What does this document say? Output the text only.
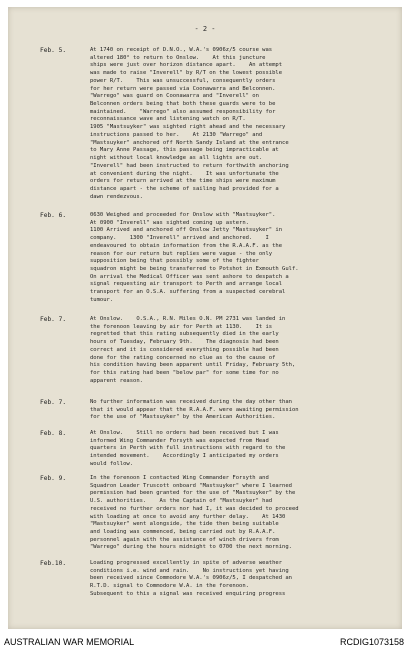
- 2 -
Feb. 5.	At 1740 on receipt of D.N.O., W.A.'s 0906z/5 course was
altered 180° to return to Onslow.    At this juncture
ships were just over horizon distance apart.    An attempt
was made to raise "Inverell" by R/T on the lowest possible
power R/T.    This was unsuccessful, consequently orders
for her return were passed via Coonawarra and Belconnen.
"Warrego" was guard on Coonawarra and "Inverell" on
Belconnen orders being that both these guards were to be
maintained.    "Warrego" also assumed responsibility for
reconnaissance wave and listening watch on R/T.
1905 "Mastsuyker" was sighted right ahead and the necessary
instructions passed to her.    At 2130 "Warrego" and
"Mastsuyker" anchored off North Sandy Island at the entrance
to Mary Anne Passage, this passage being impracticable at
night without local knowledge as all lights are out.
"Inverell" had been instructed to return forthwith anchoring
at convenient during the night.    It was unfortunate the
orders for return arrived at the time ships were maximum
distance apart - the scheme of sailing had provided for a
dawn rendezvous.
Feb. 6.	0630 Weighed and proceeded for Onslow with "Mastsuyker".
At 0900 "Inverell" was sighted coming up astern.
1100 Arrived and anchored off Onslow Jetty "Mastsuyker" in
company.    1300 "Inverell" arrived and anchored.    I
endeavoured to obtain information from the R.A.A.F. as the
reason for our return but replies were vague - the only
supposition being that possibly some of the fighter
squadron might be being transferred to Potshot in Exmouth Gulf.
On arrival the Medical Officer was sent ashore to despatch a
signal requesting air transport to Perth and arrange local
transport for an O.S.A. suffering from a suspected cerebral
tumour.
Feb. 7.	At Onslow.    O.S.A., R.N. Miles O.N. PM 2731 was landed in
the forenoon leaving by air for Perth at 1130.    It is
regretted that this rating subsequently died in the early
hours of Tuesday, February 9th.    The diagnosis had been
correct and it is considered everything possible had been
done for the rating concerned no clue as to the cause of
his condition having been apparent until Friday, February 5th,
for this rating had been "below par" for some time for no
apparent reason.
Feb. 7.	No further information was received during the day other than
that it would appear that the R.A.A.F. were awaiting permission
for the use of "Mastsuyker" by the American Authorities.
Feb. 8.	At Onslow.    Still no orders had been received but I was
informed Wing Commander Forsyth was expected from Head
quarters in Perth with full instructions with regard to the
intended movement.    Accordingly I anticipated my orders
would follow.
Feb. 9.	In the forenoon I contacted Wing Commander Forsyth and
Squadron Leader Truscott onboard "Mastsuyker" where I learned
permission had been granted for the use of "Mastsuyker" by the
U.S. authorities.    As the Captain of "Mastsuyker" had
received no further orders nor had I, it was decided to proceed
with loading at once to avoid any further delay.    At 1430
"Mastsuyker" went alongside, the tide then being suitable
and loading was commenced, being carried out by R.A.A.F.
personnel again with the assistance of winch drivers from
"Warrego" during the hours midnight to 0700 the next morning.
Feb.10.	Loading progressed excellently in spite of adverse weather
conditions i.e. wind and rain.    No instructions yet having
been received since Commodore W.A.'s 0906z/5, I despatched an
R.T.D. signal to Commodore W.A. in the forenoon.
Subsequent to this a signal was received enquiring progress
AUSTRALIAN WAR MEMORIAL	RCDIG1073158
